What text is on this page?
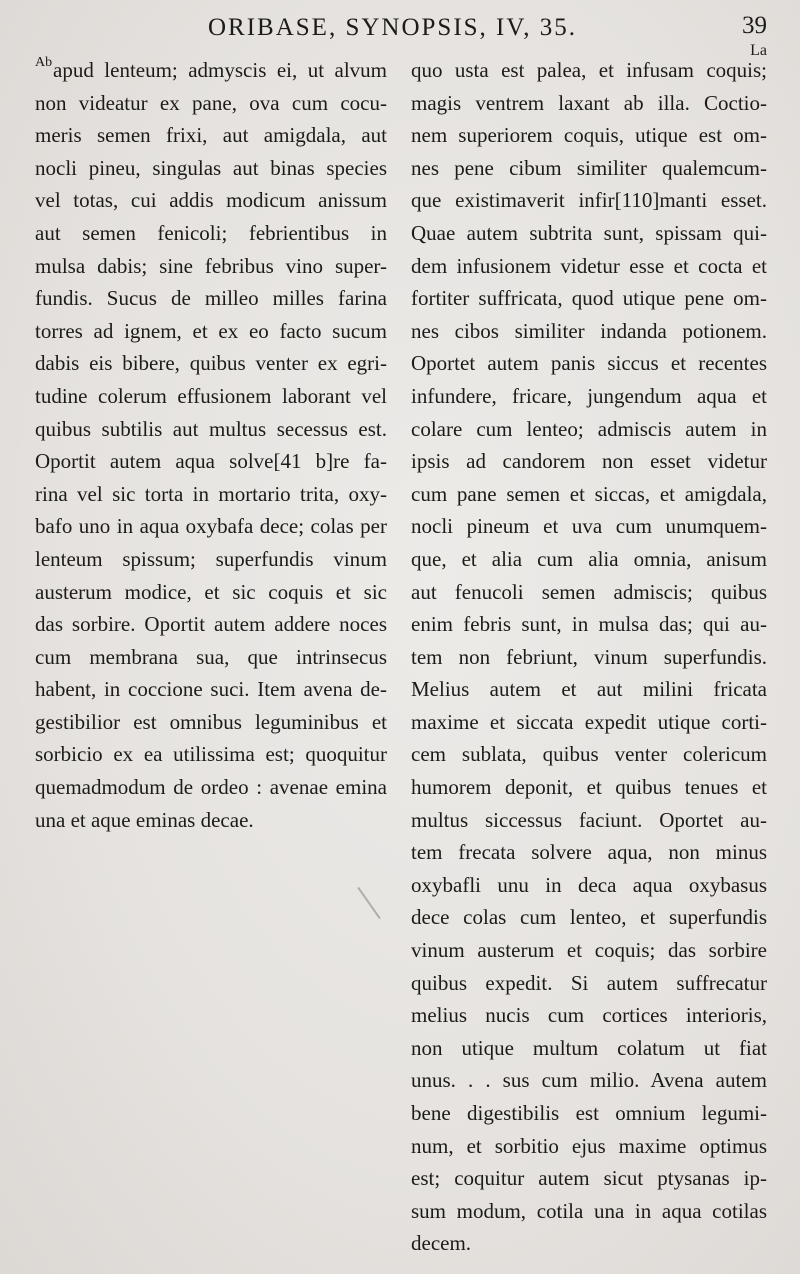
ORIBASE, SYNOPSIS, IV, 35.	39
La
Ab apud lenteum; admyscis ei, ut alvum
non videatur ex pane, ova cum cocu-
meris semen frixi, aut amigdala, aut
nocli pineu, singulas aut binas species
vel totas, cui addis modicum anissum
aut semen fenicoli; febrientibus in
mulsa dabis; sine febribus vino super-
fundis. Sucus de milleo milles farina
torres ad ignem, et ex eo facto sucum
dabis eis bibere, quibus venter ex egri-
tudine colerum effusionem laborant vel
quibus subtilis aut multus secessus est.
Oportit autem aqua solve[41 b]re fa-
rina vel sic torta in mortario trita, oxy-
bafo uno in aqua oxybafa dece; colas per
lenteum spissum; superfundis vinum
austerum modice, et sic coquis et sic
das sorbire. Oportit autem addere noces
cum membrana sua, que intrinsecus
habent, in coccione suci. Item avena de-
gestibilior est omnibus leguminibus et
sorbicio ex ea utilissima est; quoquitur
quemadmodum de ordeo : avenae emina
una et aque eminas decae.
quo usta est palea, et infusam coquis;
magis ventrem laxant ab illa. Coctio-
nem superiorem coquis, utique est om-
nes pene cibum similiter qualemcum-
que existimaverit infir[110]manti esset.
Quae autem subtrita sunt, spissam qui-
dem infusionem videtur esse et cocta et
fortiter suffricata, quod utique pene om-
nes cibos similiter indanda potionem.
Oportet autem panis siccus et recentes
infundere, fricare, jungendum aqua et
colare cum lenteo; admiscis autem in
ipsis ad candorem non esset videtur
cum pane semen et siccas, et amigdala,
nocli pineum et uva cum unumquem-
que, et alia cum alia omnia, anisum
aut fenucoli semen admiscis; quibus
enim febris sunt, in mulsa das; qui au-
tem non febriunt, vinum superfundis.
Melius autem et aut milini fricata
maxime et siccata expedit utique corti-
cem sublata, quibus venter colericum
humorem deponit, et quibus tenues et
multus siccessus faciunt. Oportet au-
tem frecata solvere aqua, non minus
oxybafli unu in deca aqua oxybasus
dece colas cum lenteo, et superfundis
vinum austerum et coquis; das sorbire
quibus expedit. Si autem suffrecatur
melius nucis cum cortices interioris,
non utique multum colatum ut fiat
unus. . . sus cum milio. Avena autem
bene digestibilis est omnium legumi-
num, et sorbitio ejus maxime optimus
est; coquitur autem sicut ptysanas ip-
sum modum, cotila una in aqua cotilas
decem.
